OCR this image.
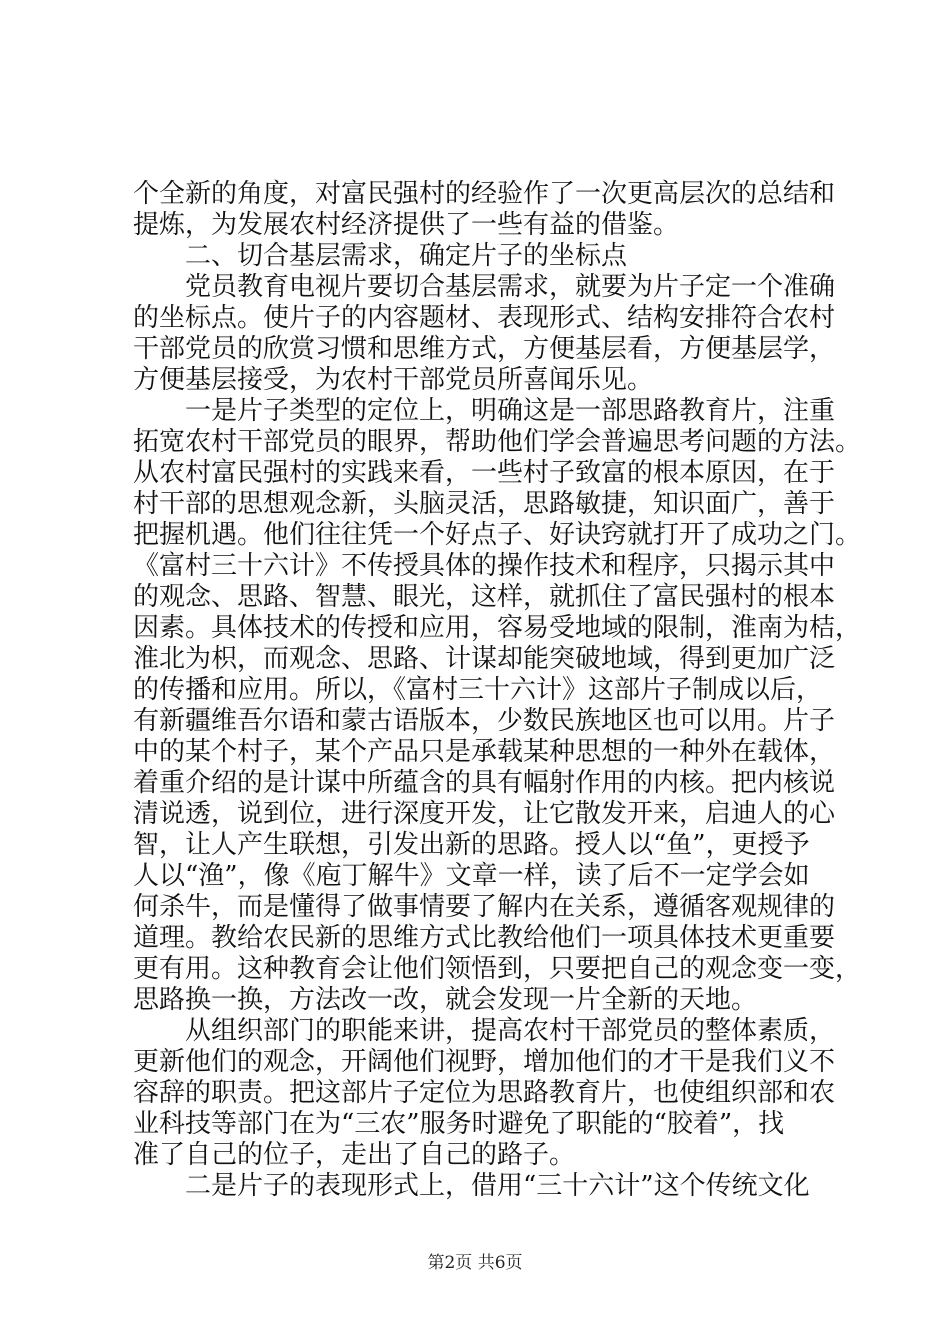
个全新的角度，对富民强村的经验作了一次更高层次的总结和
提炼，为发展农村经济提供了一些有益的借鉴。
二、切合基层需求，确定片子的坐标点
党员教育电视片要切合基层需求，就要为片子定一个准确
的坐标点。使片子的内容题材、表现形式、结构安排符合农村
干部党员的欣赏习惯和思维方式，方便基层看，方便基层学，
方便基层接受，为农村干部党员所喜闻乐见。
一是片子类型的定位上，明确这是一部思路教育片，注重
拓宽农村干部党员的眼界，帮助他们学会普遍思考问题的方法。
从农村富民强村的实践来看，一些村子致富的根本原因，在于
村干部的思想观念新，头脑灵活，思路敏捷，知识面广，善于
把握机遇。他们往往凭一个好点子、好诀窍就打开了成功之门。
《富村三十六计》不传授具体的操作技术和程序，只揭示其中
的观念、思路、智慧、眼光，这样，就抓住了富民强村的根本
因素。具体技术的传授和应用，容易受地域的限制，淮南为桔，
淮北为枳，而观念、思路、计谋却能突破地域，得到更加广泛
的传播和应用。所以，《富村三十六计》这部片子制成以后，
有新疆维吾尔语和蒙古语版本，少数民族地区也可以用。片子
中的某个村子，某个产品只是承载某种思想的一种外在载体，
着重介绍的是计谋中所蕴含的具有幅射作用的内核。把内核说
清说透，说到位，进行深度开发，让它散发开来，启迪人的心
智，让人产生联想，引发出新的思路。授人以“鱼”，更授予
人以“渔”，像《庖丁解牛》文章一样，读了后不一定学会如
何杀牛，而是懂得了做事情要了解内在关系，遵循客观规律的
道理。教给农民新的思维方式比教给他们一项具体技术更重要
更有用。这种教育会让他们领悟到，只要把自己的观念变一变，
思路换一换，方法改一改，就会发现一片全新的天地。
从组织部门的职能来讲，提高农村干部党员的整体素质，
更新他们的观念，开阔他们视野，增加他们的才干是我们义不
容辞的职责。把这部片子定位为思路教育片，也使组织部和农
业科技等部门在为“三农”服务时避免了职能的“胶着”，找
准了自己的位子，走出了自己的路子。
二是片子的表现形式上，借用“三十六计”这个传统文化
第2页 共6页
